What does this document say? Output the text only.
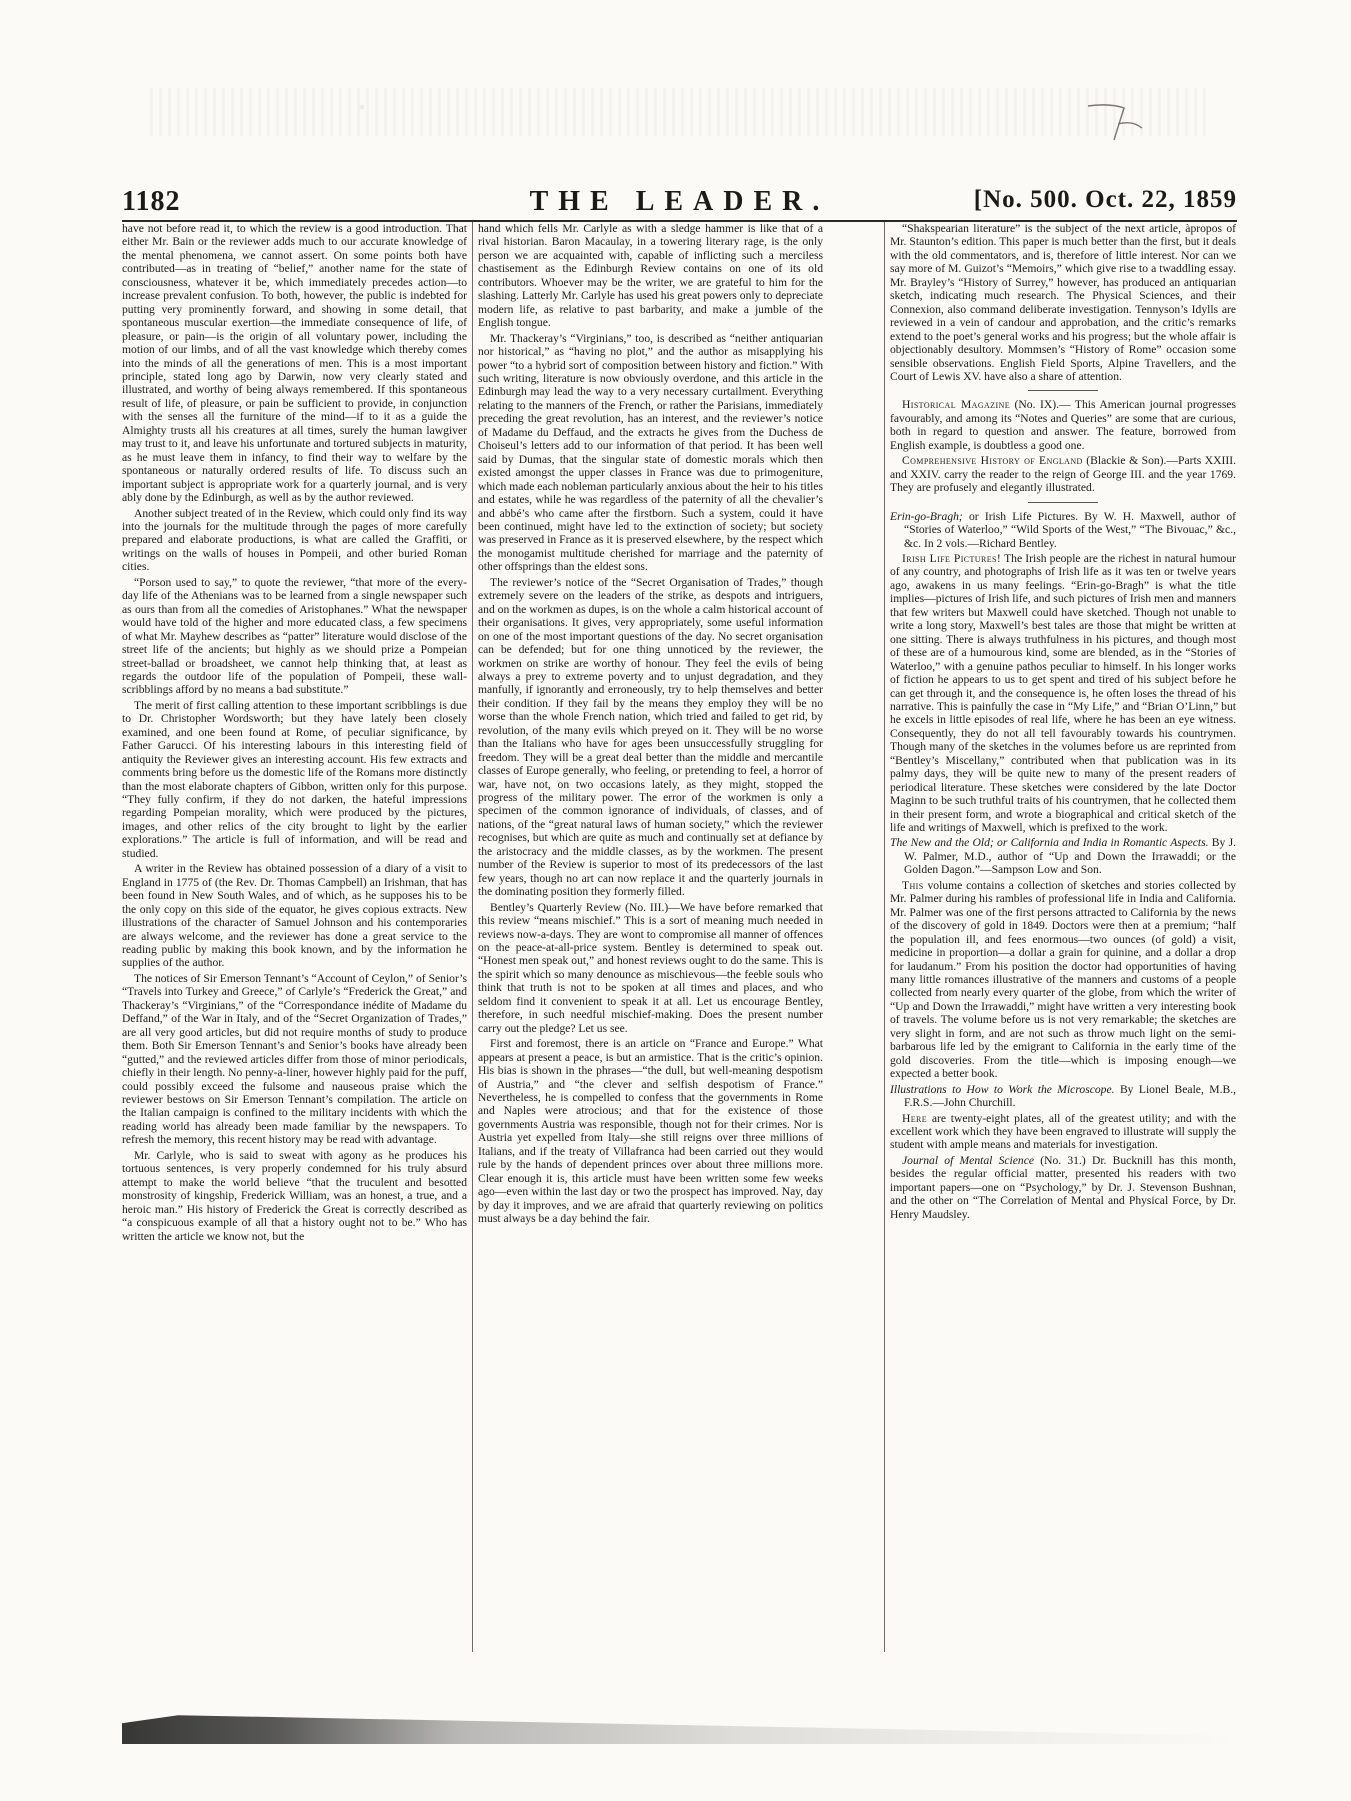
1182	THE LEADER.	[No. 500. Oct. 22, 1859

have not before read it, to which the review is a good introduction. That either Mr. Bain or the reviewer adds much to our accurate knowledge of the mental phenomena, we cannot assert. On some points both have contributed—as in treating of “belief,” another name for the state of consciousness, whatever it be, which immediately precedes action—to increase prevalent confusion. To both, however, the public is indebted for putting very prominently forward, and showing in some detail, that spontaneous muscular exertion—the immediate consequence of life, of pleasure, or pain—is the origin of all voluntary power, including the motion of our limbs, and of all the vast knowledge which thereby comes into the minds of all the generations of men. This is a most important principle, stated long ago by Darwin, now very clearly stated and illustrated, and worthy of being always remembered. If this spontaneous result of life, of pleasure, or pain be sufficient to provide, in conjunction with the senses all the furniture of the mind—if to it as a guide the Almighty trusts all his creatures at all times, surely the human lawgiver may trust to it, and leave his unfortunate and tortured subjects in maturity, as he must leave them in infancy, to find their way to welfare by the spontaneous or naturally ordered results of life. To discuss such an important subject is appropriate work for a quarterly journal, and is very ably done by the Edinburgh, as well as by the author reviewed.

Another subject treated of in the Review, which could only find its way into the journals for the multitude through the pages of more carefully prepared and elaborate productions, is what are called the Graffiti, or writings on the walls of houses in Pompeii, and other buried Roman cities.

“Porson used to say,” to quote the reviewer, “that more of the every-day life of the Athenians was to be learned from a single newspaper such as ours than from all the comedies of Aristophanes.” What the newspaper would have told of the higher and more educated class, a few specimens of what Mr. Mayhew describes as “patter” literature would disclose of the street life of the ancients; but highly as we should prize a Pompeian street-ballad or broadsheet, we cannot help thinking that, at least as regards the outdoor life of the population of Pompeii, these wall-scribblings afford by no means a bad substitute.”

The merit of first calling attention to these important scribblings is due to Dr. Christopher Wordsworth; but they have lately been closely examined, and one been found at Rome, of peculiar significance, by Father Garucci. Of his interesting labours in this interesting field of antiquity the Reviewer gives an interesting account. His few extracts and comments bring before us the domestic life of the Romans more distinctly than the most elaborate chapters of Gibbon, written only for this purpose. “They fully confirm, if they do not darken, the hateful impressions regarding Pompeian morality, which were produced by the pictures, images, and other relics of the city brought to light by the earlier explorations.” The article is full of information, and will be read and studied.

A writer in the Review has obtained possession of a diary of a visit to England in 1775 of (the Rev. Dr. Thomas Campbell) an Irishman, that has been found in New South Wales, and of which, as he supposes his to be the only copy on this side of the equator, he gives copious extracts. New illustrations of the character of Samuel Johnson and his contemporaries are always welcome, and the reviewer has done a great service to the reading public by making this book known, and by the information he supplies of the author.

The notices of Sir Emerson Tennant’s “Account of Ceylon,” of Senior’s “Travels into Turkey and Greece,” of Carlyle’s “Frederick the Great,” and Thackeray’s “Virginians,” of the “Correspondance inédite of Madame du Deffand,” of the War in Italy, and of the “Secret Organization of Trades,” are all very good articles, but did not require months of study to produce them. Both Sir Emerson Tennant’s and Senior’s books have already been “gutted,” and the reviewed articles differ from those of minor periodicals, chiefly in their length. No penny-a-liner, however highly paid for the puff, could possibly exceed the fulsome and nauseous praise which the reviewer bestows on Sir Emerson Tennant’s compilation. The article on the Italian campaign is confined to the military incidents with which the reading world has already been made familiar by the newspapers. To refresh the memory, this recent history may be read with advantage.

Mr. Carlyle, who is said to sweat with agony as he produces his tortuous sentences, is very properly condemned for his truly absurd attempt to make the world believe “that the truculent and besotted monstrosity of kingship, Frederick William, was an honest, a true, and a heroic man.” His history of Frederick the Great is correctly described as “a conspicuous example of all that a history ought not to be.” Who has written the article we know not, but the

hand which fells Mr. Carlyle as with a sledge hammer is like that of a rival historian. Baron Macaulay, in a towering literary rage, is the only person we are acquainted with, capable of inflicting such a merciless chastisement as the Edinburgh Review contains on one of its old contributors. Whoever may be the writer, we are grateful to him for the slashing. Latterly Mr. Carlyle has used his great powers only to depreciate modern life, as relative to past barbarity, and make a jumble of the English tongue.

Mr. Thackeray’s “Virginians,” too, is described as “neither antiquarian nor historical,” as “having no plot,” and the author as misapplying his power “to a hybrid sort of composition between history and fiction.” With such writing, literature is now obviously overdone, and this article in the Edinburgh may lead the way to a very necessary curtailment. Everything relating to the manners of the French, or rather the Parisians, immediately preceding the great revolution, has an interest, and the reviewer’s notice of Madame du Deffaud, and the extracts he gives from the Duchess de Choiseul’s letters add to our information of that period. It has been well said by Dumas, that the singular state of domestic morals which then existed amongst the upper classes in France was due to primogeniture, which made each nobleman particularly anxious about the heir to his titles and estates, while he was regardless of the paternity of all the chevalier’s and abbé’s who came after the firstborn. Such a system, could it have been continued, might have led to the extinction of society; but society was preserved in France as it is preserved elsewhere, by the respect which the monogamist multitude cherished for marriage and the paternity of other offsprings than the eldest sons.

The reviewer’s notice of the “Secret Organisation of Trades,” though extremely severe on the leaders of the strike, as despots and intriguers, and on the workmen as dupes, is on the whole a calm historical account of their organisations. It gives, very appropriately, some useful information on one of the most important questions of the day. No secret organisation can be defended; but for one thing unnoticed by the reviewer, the workmen on strike are worthy of honour. They feel the evils of being always a prey to extreme poverty and to unjust degradation, and they manfully, if ignorantly and erroneously, try to help themselves and better their condition. If they fail by the means they employ they will be no worse than the whole French nation, which tried and failed to get rid, by revolution, of the many evils which preyed on it. They will be no worse than the Italians who have for ages been unsuccessfully struggling for freedom. They will be a great deal better than the middle and mercantile classes of Europe generally, who feeling, or pretending to feel, a horror of war, have not, on two occasions lately, as they might, stopped the progress of the military power. The error of the workmen is only a specimen of the common ignorance of individuals, of classes, and of nations, of the “great natural laws of human society,” which the reviewer recognises, but which are quite as much and continually set at defiance by the aristocracy and the middle classes, as by the workmen. The present number of the Review is superior to most of its predecessors of the last few years, though no art can now replace it and the quarterly journals in the dominating position they formerly filled.

Bentley’s Quarterly Review (No. III.)—We have before remarked that this review “means mischief.” This is a sort of meaning much needed in reviews now-a-days. They are wont to compromise all manner of offences on the peace-at-all-price system. Bentley is determined to speak out. “Honest men speak out,” and honest reviews ought to do the same. This is the spirit which so many denounce as mischievous—the feeble souls who think that truth is not to be spoken at all times and places, and who seldom find it convenient to speak it at all. Let us encourage Bentley, therefore, in such needful mischief-making. Does the present number carry out the pledge? Let us see.

First and foremost, there is an article on “France and Europe.” What appears at present a peace, is but an armistice. That is the critic’s opinion. His bias is shown in the phrases—“the dull, but well-meaning despotism of Austria,” and “the clever and selfish despotism of France.” Nevertheless, he is compelled to confess that the governments in Rome and Naples were atrocious; and that for the existence of those governments Austria was responsible, though not for their crimes. Nor is Austria yet expelled from Italy—she still reigns over three millions of Italians, and if the treaty of Villafranca had been carried out they would rule by the hands of dependent princes over about three millions more. Clear enough it is, this article must have been written some few weeks ago—even within the last day or two the prospect has improved. Nay, day by day it improves, and we are afraid that quarterly reviewing on politics must always be a day behind the fair.

“Shakspearian literature” is the subject of the next article, àpropos of Mr. Staunton’s edition. This paper is much better than the first, but it deals with the old commentators, and is, therefore of little interest. Nor can we say more of M. Guizot’s “Memoirs,” which give rise to a twaddling essay. Mr. Brayley’s “History of Surrey,” however, has produced an antiquarian sketch, indicating much research. The Physical Sciences, and their Connexion, also command deliberate investigation. Tennyson’s Idylls are reviewed in a vein of candour and approbation, and the critic’s remarks extend to the poet’s general works and his progress; but the whole affair is objectionably desultory. Mommsen’s “History of Rome” occasion some sensible observations. English Field Sports, Alpine Travellers, and the Court of Lewis XV. have also a share of attention.

Historical Magazine (No. IX).— This American journal progresses favourably, and among its “Notes and Queries” are some that are curious, both in regard to question and answer. The feature, borrowed from English example, is doubtless a good one.

Comprehensive History of England (Blackie & Son).—Parts XXIII. and XXIV. carry the reader to the reign of George III. and the year 1769. They are profusely and elegantly illustrated.

Erin-go-Bragh; or Irish Life Pictures. By W. H. Maxwell, author of “Stories of Waterloo,” “Wild Sports of the West,” “The Bivouac,” &c., &c. In 2 vols.—Richard Bentley.

Irish Life Pictures! The Irish people are the richest in natural humour of any country, and photographs of Irish life as it was ten or twelve years ago, awakens in us many feelings. “Erin-go-Bragh” is what the title implies—pictures of Irish life, and such pictures of Irish men and manners that few writers but Maxwell could have sketched. Though not unable to write a long story, Maxwell’s best tales are those that might be written at one sitting. There is always truthfulness in his pictures, and though most of these are of a humourous kind, some are blended, as in the “Stories of Waterloo,” with a genuine pathos peculiar to himself. In his longer works of fiction he appears to us to get spent and tired of his subject before he can get through it, and the consequence is, he often loses the thread of his narrative. This is painfully the case in “My Life,” and “Brian O’Linn,” but he excels in little episodes of real life, where he has been an eye witness. Consequently, they do not all tell favourably towards his countrymen. Though many of the sketches in the volumes before us are reprinted from “Bentley’s Miscellany,” contributed when that publication was in its palmy days, they will be quite new to many of the present readers of periodical literature. These sketches were considered by the late Doctor Maginn to be such truthful traits of his countrymen, that he collected them in their present form, and wrote a biographical and critical sketch of the life and writings of Maxwell, which is prefixed to the work.

The New and the Old; or California and India in Romantic Aspects. By J. W. Palmer, M.D., author of “Up and Down the Irrawaddi; or the Golden Dagon.”—Sampson Low and Son.

This volume contains a collection of sketches and stories collected by Mr. Palmer during his rambles of professional life in India and California. Mr. Palmer was one of the first persons attracted to California by the news of the discovery of gold in 1849. Doctors were then at a premium; “half the population ill, and fees enormous—two ounces (of gold) a visit, medicine in proportion—a dollar a grain for quinine, and a dollar a drop for laudanum.” From his position the doctor had opportunities of having many little romances illustrative of the manners and customs of a people collected from nearly every quarter of the globe, from which the writer of “Up and Down the Irrawaddi,” might have written a very interesting book of travels. The volume before us is not very remarkable; the sketches are very slight in form, and are not such as throw much light on the semi-barbarous life led by the emigrant to California in the early time of the gold discoveries. From the title—which is imposing enough—we expected a better book.

Illustrations to How to Work the Microscope. By Lionel Beale, M.B., F.R.S.—John Churchill.

Here are twenty-eight plates, all of the greatest utility; and with the excellent work which they have been engraved to illustrate will supply the student with ample means and materials for investigation.

Journal of Mental Science (No. 31.) Dr. Bucknill has this month, besides the regular official matter, presented his readers with two important papers—one on “Psychology,” by Dr. J. Stevenson Bushnan, and the other on “The Correlation of Mental and Physical Force, by Dr. Henry Maudsley.
